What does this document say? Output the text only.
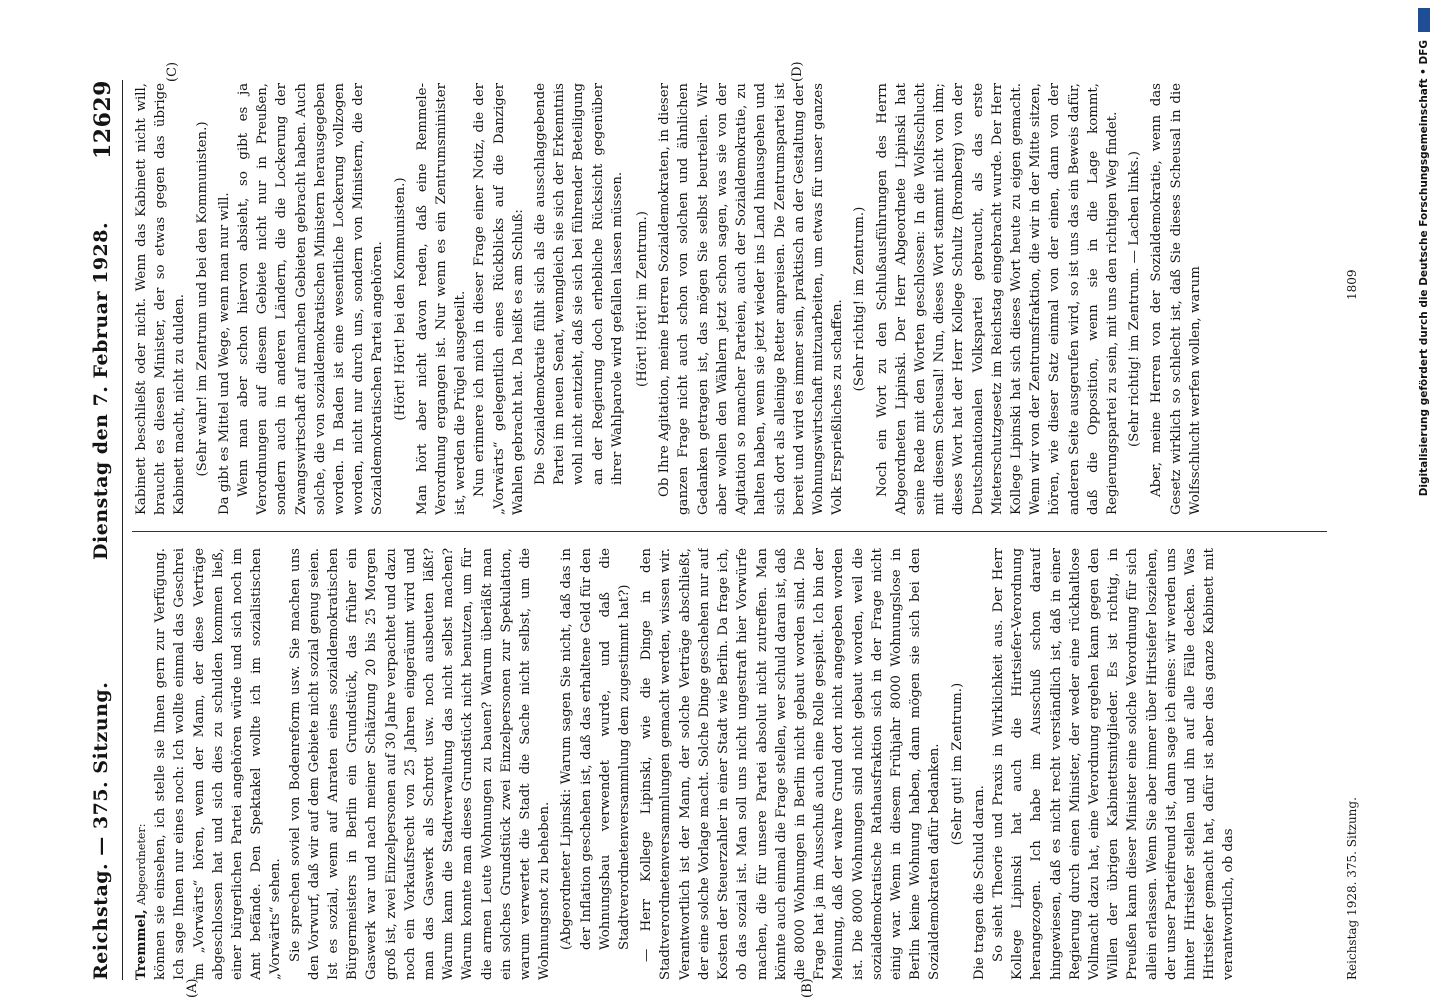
Reichstag. — 375. Sitzung.
Dienstag den 7. Februar 1928.
12629
(A)	(B)
(C)	(D)

Tremmel, Abgeordneter: können sie einsehen, ich stelle sie Ihnen gern zur Verfügung. Ich sage Ihnen nur eines noch: Ich wollte einmal das Geschrei im „Vorwärts“ hören, wenn der Mann, der diese Verträge abgeschlossen hat und sich dies zu schulden kommen ließ, einer bürgerlichen Partei angehören würde und sich noch im Amt befände. Den Spektakel wollte ich im sozialistischen „Vorwärts“ sehen. Sie sprechen soviel von Bodenreform usw. Sie machen uns den Vorwurf, daß wir auf dem Gebiete nicht sozial genug seien. Ist es sozial, wenn auf Anraten eines sozialdemokratischen Bürgermeisters in Berlin ein Grundstück, das früher ein Gaswerk war und nach meiner Schätzung 20 bis 25 Morgen groß ist, zwei Einzelpersonen auf 30 Jahre verpachtet und dazu noch ein Vorkaufsrecht von 25 Jahren eingeräumt wird und man das Gaswerk als Schrott usw. noch ausbeuten läßt? Warum kann die Stadtverwaltung das nicht selbst machen? Warum konnte man dieses Grundstück nicht benutzen, um für die armen Leute Wohnungen zu bauen? Warum überläßt man ein solches Grundstück zwei Einzelpersonen zur Spekulation, warum verwertet die Stadt die Sache nicht selbst, um die Wohnungsnot zu beheben. (Abgeordneter Lipinski: Warum sagen Sie nicht, daß das in der Inflation geschehen ist, daß das erhaltene Geld für den Wohnungsbau verwendet wurde, und daß die Stadtverordnetenversammlung dem zugestimmt hat?) — Herr Kollege Lipinski, wie die Dinge in den Stadtverordnetenversammlungen gemacht werden, wissen wir. Verantwortlich ist der Mann, der solche Verträge abschließt, der eine solche Vorlage macht. Solche Dinge geschehen nur auf Kosten der Steuerzahler in einer Stadt wie Berlin. Da frage ich, ob das sozial ist. Man soll uns nicht ungestraft hier Vorwürfe machen, die für unsere Partei absolut nicht zutreffen. Man könnte auch einmal die Frage stellen, wer schuld daran ist, daß die 8000 Wohnungen in Berlin nicht gebaut worden sind. Die Frage hat ja im Ausschuß auch eine Rolle gespielt. Ich bin der Meinung, daß der wahre Grund dort nicht angegeben worden ist. Die 8000 Wohnungen sind nicht gebaut worden, weil die sozialdemokratische Rathausfraktion sich in der Frage nicht einig war. Wenn in diesem Frühjahr 8000 Wohnungslose in Berlin keine Wohnung haben, dann mögen sie sich bei den Sozialdemokraten dafür bedanken. (Sehr gut! im Zentrum.)

Die tragen die Schuld daran. So sieht Theorie und Praxis in Wirklichkeit aus. Der Herr Kollege Lipinski hat auch die Hirtsiefer-Verordnung herangezogen. Ich habe im Ausschuß schon darauf hingewiesen, daß es nicht recht verständlich ist, daß in einer Regierung durch einen Minister, der weder eine rückhaltlose Vollmacht dazu hat, eine Verordnung ergehen kann gegen den Willen der übrigen Kabinettsmitglieder. Es ist richtig, in Preußen kann dieser Minister eine solche Verordnung für sich allein erlassen. Wenn Sie aber immer über Hirtsiefer losziehen, der unser Parteifreund ist, dann sage ich eines: wir werden uns hinter Hirtsiefer stellen und ihn auf alle Fälle decken. Was Hirtsiefer gemacht hat, dafür ist aber das ganze Kabinett mit verantwortlich, ob das

Kabinett beschließt oder nicht. Wenn das Kabinett nicht will, braucht es diesen Minister, der so etwas gegen das übrige Kabinett macht, nicht zu dulden. (Sehr wahr! im Zentrum und bei den Kommunisten.) Da gibt es Mittel und Wege, wenn man nur will. Wenn man aber schon hiervon absieht, so gibt es ja Verordnungen auf diesem Gebiete nicht nur in Preußen, sondern auch in anderen Ländern, die die Lockerung der Zwangswirtschaft auf manchen Gebieten gebracht haben. Auch solche, die von sozialdemokratischen Ministern herausgegeben worden. In Baden ist eine wesentliche Lockerung vollzogen worden, nicht nur durch uns, sondern von Ministern, die der Sozialdemokratischen Partei angehören. (Hört! Hört! bei den Kommunisten.) Man hört aber nicht davon reden, daß eine Remmele-Verordnung ergangen ist. Nur wenn es ein Zentrumsminister ist, werden die Prügel ausgeteilt. Nun erinnere ich mich in dieser Frage einer Notiz, die der „Vorwärts“ gelegentlich eines Rückblicks auf die Danziger Wahlen gebracht hat. Da heißt es am Schluß: Die Sozialdemokratie fühlt sich als die ausschlaggebende Partei im neuen Senat, wenngleich sie sich der Erkenntnis wohl nicht entzieht, daß sie sich bei führender Beteiligung an der Regierung doch erhebliche Rücksicht gegenüber ihrer Wahlparole wird gefallen lassen müssen. (Hört! Hört! im Zentrum.) Ob Ihre Agitation, meine Herren Sozialdemokraten, in dieser ganzen Frage nicht auch schon von solchen und ähnlichen Gedanken getragen ist, das mögen Sie selbst beurteilen. Wir aber wollen den Wählern jetzt schon sagen, was sie von der Agitation so mancher Parteien, auch der Sozialdemokratie, zu halten haben, wenn sie jetzt wieder ins Land hinausgehen und sich dort als alleinige Retter anpreisen. Die Zentrumspartei ist bereit und wird es immer sein, praktisch an der Gestaltung der Wohnungswirtschaft mitzuarbeiten, um etwas für unser ganzes Volk Ersprießliches zu schaffen.

(Sehr richtig! im Zentrum.) Noch ein Wort zu den Schlußausführungen des Herrn Abgeordneten Lipinski. Der Herr Abgeordnete Lipinski hat seine Rede mit den Worten geschlossen: In die Wolfsschlucht mit diesem Scheusal! Nun, dieses Wort stammt nicht von ihm; dieses Wort hat der Herr Kollege Schultz (Bromberg) von der Deutschnationalen Volkspartei gebraucht, als das erste Mieterschutzgesetz im Reichstag eingebracht wurde. Der Herr Kollege Lipinski hat sich dieses Wort heute zu eigen gemacht. Wenn wir von der Zentrumsfraktion, die wir in der Mitte sitzen, hören, wie dieser Satz einmal von der einen, dann von der anderen Seite ausgerufen wird, so ist uns das ein Beweis dafür, daß die Opposition, wenn sie in die Lage kommt, Regierungspartei zu sein, mit uns den richtigen Weg findet. (Sehr richtig! im Zentrum. — Lachen links.) Aber, meine Herren von der Sozialdemokratie, wenn das Gesetz wirklich so schlecht ist, daß Sie dieses Scheusal in die Wolfsschlucht werfen wollen, warum

Reichstag 1928. 375. Sitzung.
1809	Digitalisierung gefördert durch die Deutsche Forschungsgemeinschaft • DFG
